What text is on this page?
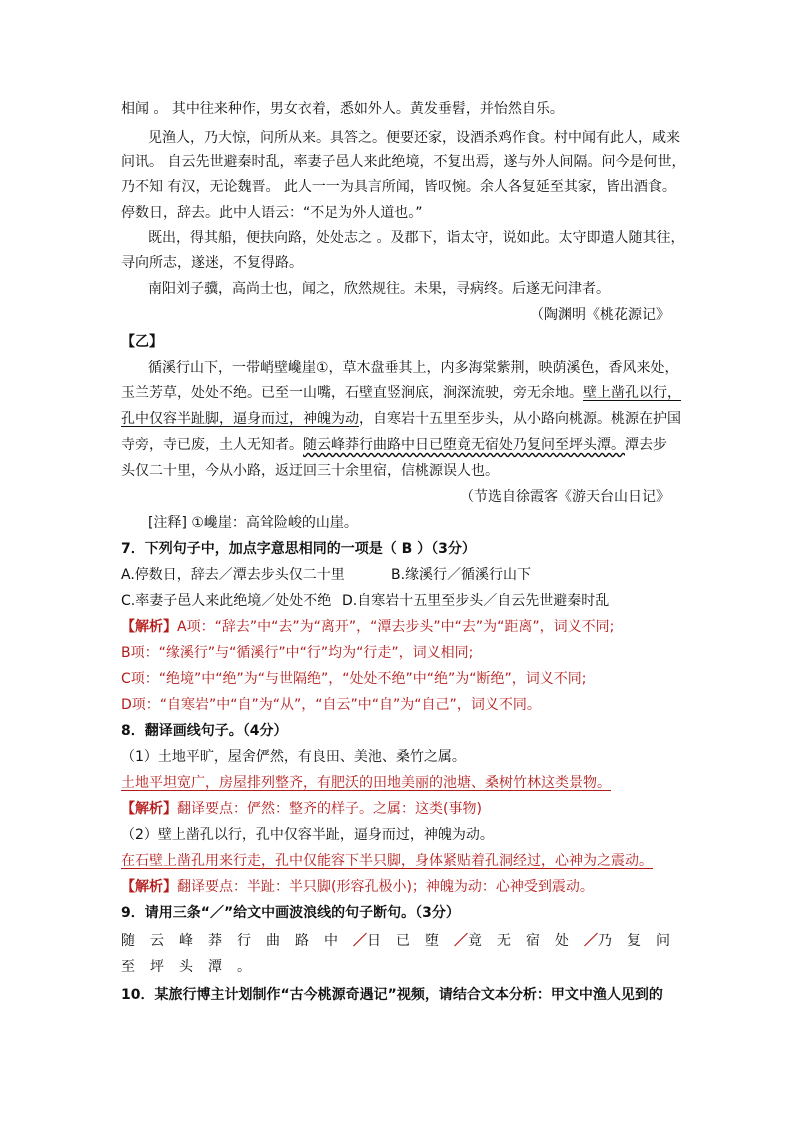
相闻 。 其中往来种作，男女衣着，悉如外人。黄发垂髫，并怡然自乐。
见渔人，乃大惊，问所从来。具答之。便要还家，设酒杀鸡作食。村中闻有此人，咸来
问讯。 自云先世避秦时乱，率妻子邑人来此绝境，不复出焉，遂与外人间隔。问今是何世，
乃不知 有汉，无论魏晋。 此人一一为具言所闻，皆叹惋。余人各复延至其家，皆出酒食。
停数日，辞去。此中人语云：“不足为外人道也。”
既出，得其船，便扶向路，处处志之 。及郡下，诣太守，说如此。太守即遣人随其往，
寻向所志，遂迷，不复得路。
南阳刘子骥，高尚士也，闻之，欣然规往。未果，寻病终。后遂无问津者。
（陶渊明《桃花源记》
【乙】
循溪行山下，一带峭壁巉崖①，草木盘垂其上，内多海棠紫荆，映荫溪色，香风来处，
玉兰芳草，处处不绝。已至一山嘴，石壁直竖涧底，涧深流驶，旁无余地。壁上凿孔以行，
孔中仅容半趾脚，逼身而过，神魄为动，自寒岩十五里至步头，从小路向桃源。桃源在护国
寺旁，寺已废，土人无知者。随云峰莽行曲路中日已堕竟无宿处乃复问至坪头潭。潭去步
头仅二十里，今从小路，返迂回三十余里宿，信桃源误人也。
（节选自徐霞客《游天台山日记》
[注释] ①巉崖：高耸险峻的山崖。
7．下列句子中，加点字意思相同的一项是（ B ）（3分）
A.停数日，辞去／潭去步头仅二十里	B.缘溪行／循溪行山下
C.率妻子邑人来此绝境／处处不绝 D.自寒岩十五里至步头／自云先世避秦时乱
【解析】A项：“辞去”中“去”为“离开”，“潭去步头”中“去”为“距离”，词义不同;
B项：“缘溪行”与“循溪行”中“行”均为“行走”，词义相同;
C项：“绝境”中“绝”为“与世隔绝”，“处处不绝”中“绝”为“断绝”，词义不同;
D项：“自寒岩”中“自”为“从”，“自云”中“自”为“自己”，词义不同。
8．翻译画线句子。（4分）
（1）土地平旷，屋舍俨然，有良田、美池、桑竹之属。
土地平坦宽广，房屋排列整齐，有肥沃的田地美丽的池塘、桑树竹林这类景物。
【解析】翻译要点：俨然：整齐的样子。之属：这类(事物)
（2）壁上凿孔以行，孔中仅容半趾，逼身而过，神魄为动。
在石壁上凿孔用来行走，孔中仅能容下半只脚，身体紧贴着孔洞经过，心神为之震动。
【解析】翻译要点：半趾：半只脚(形容孔极小)；神魄为动：心神受到震动。
9．请用三条“／”给文中画波浪线的句子断句。（3分）
随 云 峰 莽 行 曲 路 中 ／日 已 堕 ／竟 无 宿 处 ／乃 复 问
至 坪 头 潭 。
10．某旅行博主计划制作“古今桃源奇遇记”视频，请结合文本分析：甲文中渔人见到的
